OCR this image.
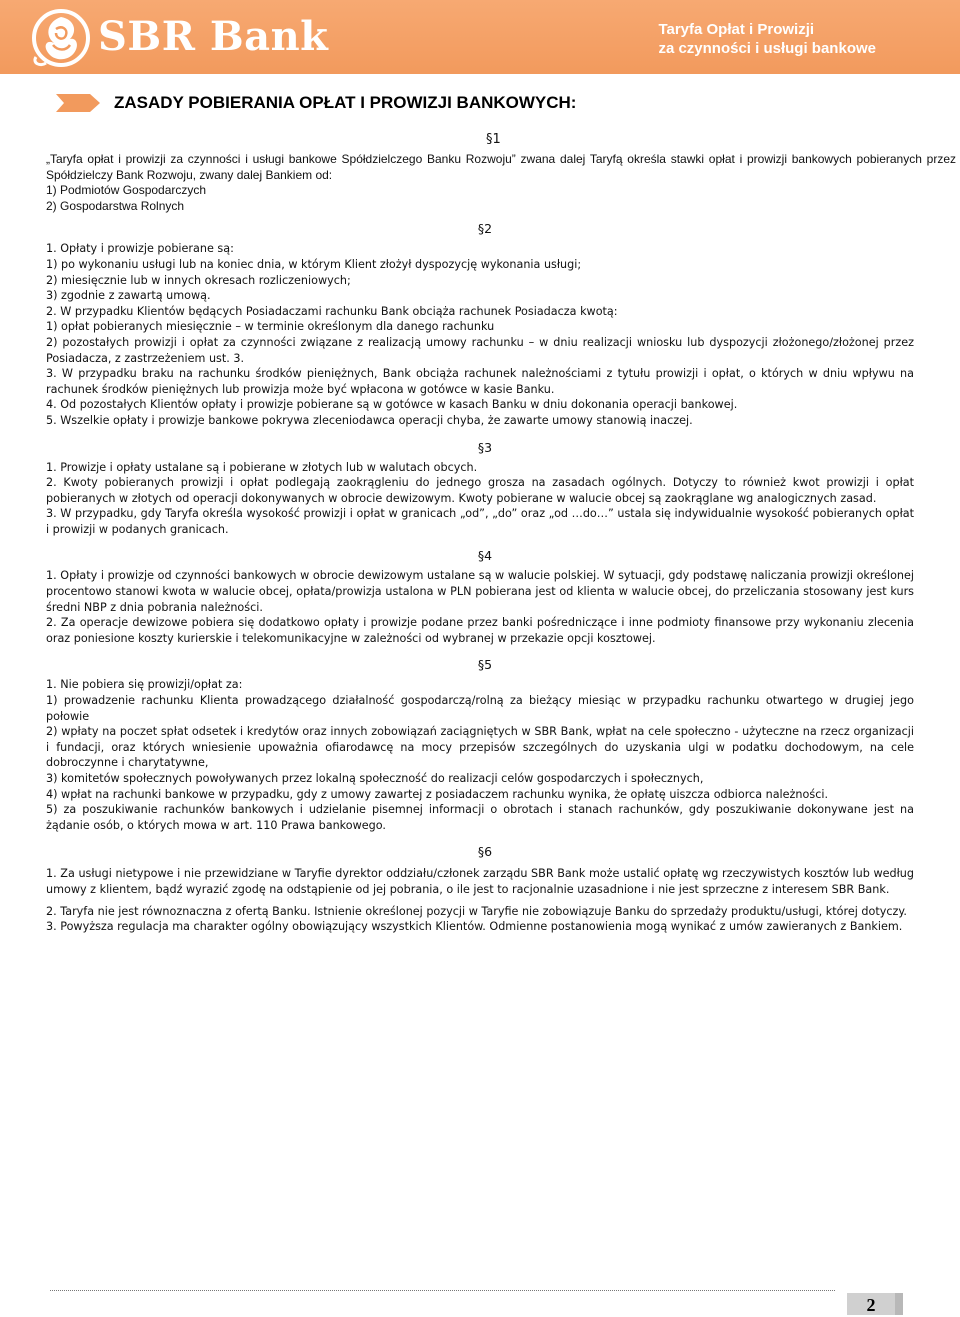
SBR Bank	Taryfa Opłat i Prowizji
za czynności i usługi bankowe
ZASADY POBIERANIA OPŁAT I PROWIZJI BANKOWYCH:
§1

„Taryfa opłat i prowizji za czynności i usługi bankowe Spółdzielczego Banku Rozwoju” zwana dalej Taryfą określa stawki opłat i prowizji bankowych pobieranych przez Spółdzielczy Bank Rozwoju, zwany dalej Bankiem od:

1) Podmiotów Gospodarczych

2) Gospodarstwa Rolnych

§2

1. Opłaty i prowizje pobierane są:

1) po wykonaniu usługi lub na koniec dnia, w którym Klient złożył dyspozycję wykonania usługi;

2) miesięcznie lub w innych okresach rozliczeniowych;

3) zgodnie z zawartą umową.

2. W przypadku Klientów będących Posiadaczami rachunku Bank obciąża rachunek Posiadacza kwotą:

1) opłat pobieranych miesięcznie – w terminie określonym dla danego rachunku

2) pozostałych prowizji i opłat za czynności związane z realizacją umowy rachunku – w dniu realizacji wniosku lub dyspozycji złożonego/złożonej przez Posiadacza, z zastrzeżeniem ust. 3.

3. W przypadku braku na rachunku środków pieniężnych, Bank obciąża rachunek należnościami z tytułu prowizji i opłat, o których w dniu wpływu na rachunek środków pieniężnych lub prowizja może być wpłacona w gotówce w kasie Banku.

4. Od pozostałych Klientów opłaty i prowizje pobierane są w gotówce w kasach Banku w dniu dokonania operacji bankowej.

5. Wszelkie opłaty i prowizje bankowe pokrywa zleceniodawca operacji chyba, że zawarte umowy stanowią inaczej.

§3

1. Prowizje i opłaty ustalane są i pobierane w złotych lub w walutach obcych.

2. Kwoty pobieranych prowizji i opłat podlegają zaokrągleniu do jednego grosza na zasadach ogólnych. Dotyczy to również kwot prowizji i opłat pobieranych w złotych od operacji dokonywanych w obrocie dewizowym. Kwoty pobierane w walucie obcej są zaokrąglane wg analogicznych zasad.

3. W przypadku, gdy Taryfa określa wysokość prowizji i opłat w granicach „od”, „do” oraz „od …do…” ustala się indywidualnie wysokość pobieranych opłat i prowizji w podanych granicach.

§4

1. Opłaty i prowizje od czynności bankowych w obrocie dewizowym ustalane są w walucie polskiej. W sytuacji, gdy podstawę naliczania prowizji określonej procentowo stanowi kwota w walucie obcej, opłata/prowizja ustalona w PLN pobierana jest od klienta w walucie obcej, do przeliczania stosowany jest kurs średni NBP z dnia pobrania należności.

2. Za operacje dewizowe pobiera się dodatkowo opłaty i prowizje podane przez banki pośredniczące i inne podmioty finansowe przy wykonaniu zlecenia oraz poniesione koszty kurierskie i telekomunikacyjne w zależności od wybranej w przekazie opcji kosztowej.

§5

1. Nie pobiera się prowizji/opłat za:

1) prowadzenie rachunku Klienta prowadzącego działalność gospodarczą/rolną za bieżący miesiąc w przypadku rachunku otwartego w drugiej jego połowie

2) wpłaty na poczet spłat odsetek i kredytów oraz innych zobowiązań zaciągniętych w SBR Bank, wpłat na cele społeczno - użyteczne na rzecz organizacji i fundacji, oraz których wniesienie upoważnia ofiarodawcę na mocy przepisów szczególnych do uzyskania ulgi w podatku dochodowym, na cele dobroczynne i charytatywne,

3) komitetów społecznych powoływanych przez lokalną społeczność do realizacji celów gospodarczych i społecznych,

4) wpłat na rachunki bankowe w przypadku, gdy z umowy zawartej z posiadaczem rachunku wynika, że opłatę uiszcza odbiorca należności.

5) za poszukiwanie rachunków bankowych i udzielanie pisemnej informacji o obrotach i stanach rachunków, gdy poszukiwanie dokonywane jest na żądanie osób, o których mowa w art. 110 Prawa bankowego.

§6

1. Za usługi nietypowe i nie przewidziane w Taryfie dyrektor oddziału/członek zarządu SBR Bank może ustalić opłatę wg rzeczywistych kosztów lub według umowy z klientem, bądź wyrazić zgodę na odstąpienie od jej pobrania, o ile jest to racjonalnie uzasadnione i nie jest sprzeczne z interesem SBR Bank.

2. Taryfa nie jest równoznaczna z ofertą Banku. Istnienie określonej pozycji w Taryfie nie zobowiązuje Banku do sprzedaży produktu/usługi, której dotyczy.

3. Powyższa regulacja ma charakter ogólny obowiązujący wszystkich Klientów. Odmienne postanowienia mogą wynikać z umów zawieranych z Bankiem.

2
